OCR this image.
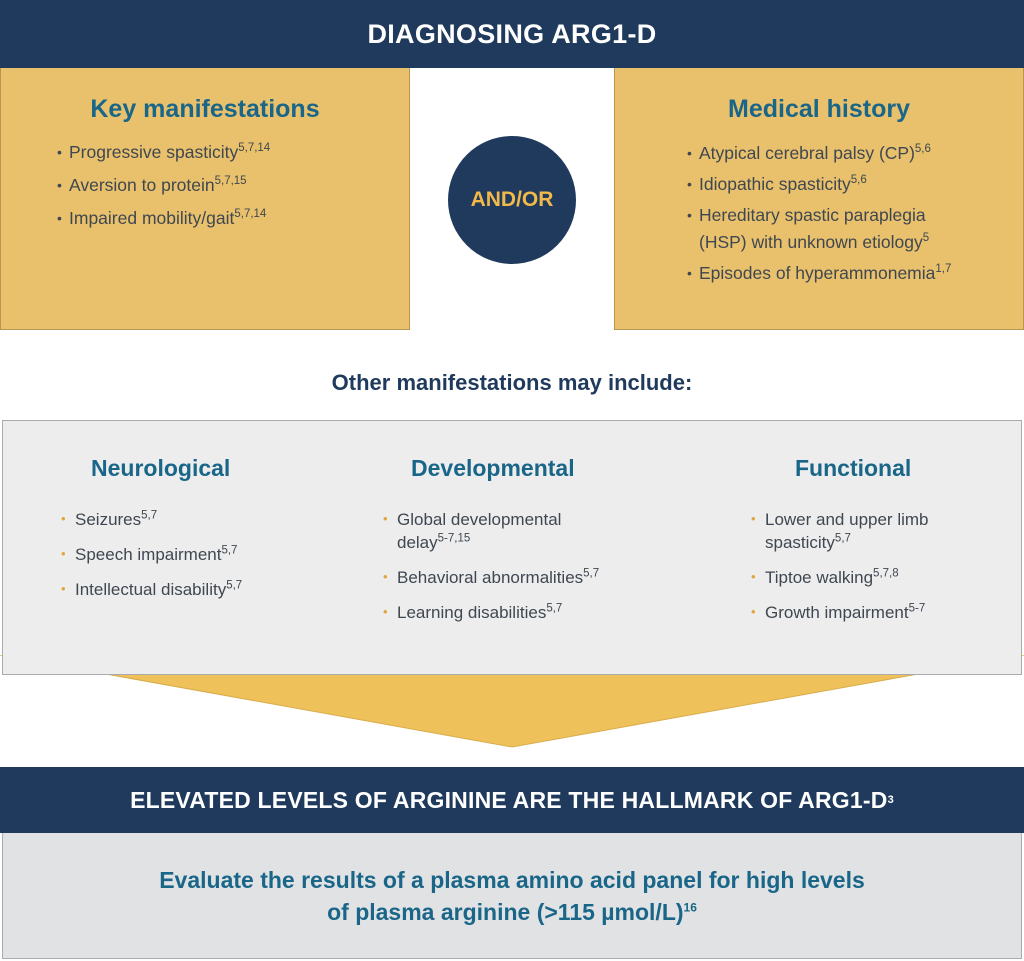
DIAGNOSING ARG1-D
Key manifestations
• Progressive spasticity$^{5,7,14}$
• Aversion to protein$^{5,7,15}$
• Impaired mobility/gait$^{5,7,14}$
AND/OR
Medical history
• Atypical cerebral palsy (CP)$^{5,6}$
• Idiopathic spasticity$^{5,6}$
• Hereditary spastic paraplegia
(HSP) with unknown etiology$^5$
• Episodes of hyperammonemia$^{1,7}$
Other manifestations may include:
Neurological
• Seizures$^{5,7}$
• Speech impairment$^{5,7}$
• Intellectual disability$^{5,7}$
Developmental
• Global developmental
delay$^{5-7,15}$
• Behavioral abnormalities$^{5,7}$
• Learning disabilities$^{5,7}$
Functional
• Lower and upper limb
spasticity$^{5,7}$
• Tiptoe walking$^{5,7,8}$
• Growth impairment$^{5-7}$
ELEVATED LEVELS OF ARGININE ARE THE HALLMARK OF ARG1-D 3
Evaluate the results of a plasma amino acid panel for high levels
of plasma arginine (>115 µmol/L)$^{16}$
